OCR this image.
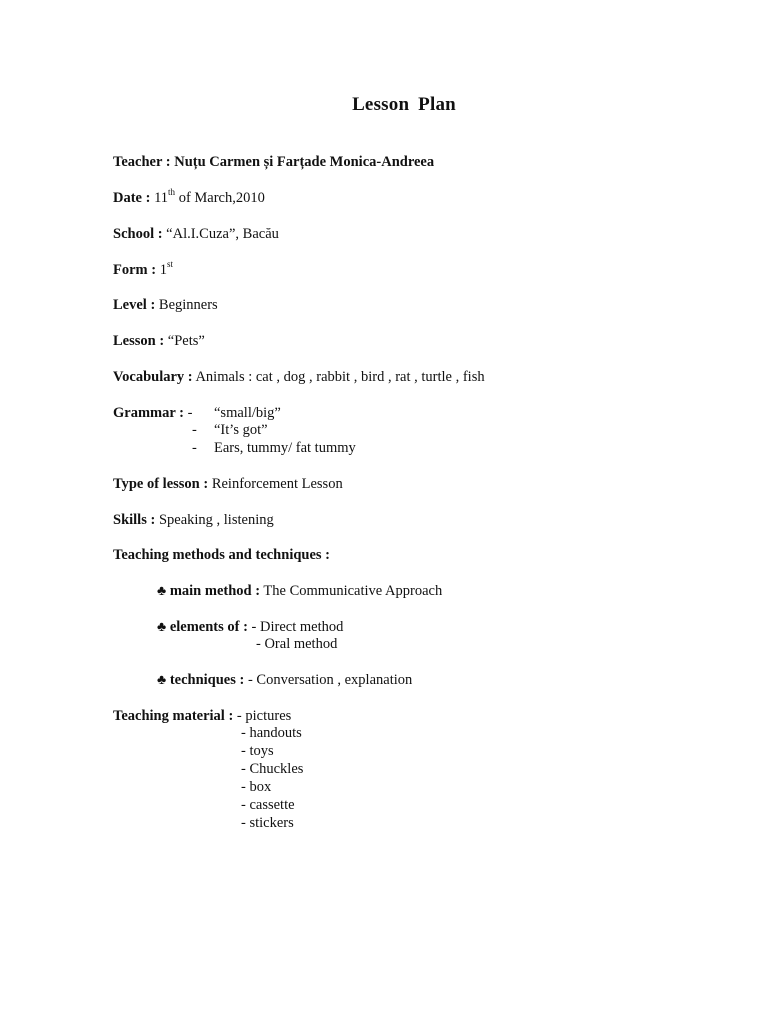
Lesson Plan
Teacher : Nuțu Carmen și Farțade Monica-Andreea
Date : 11th of March,2010
School : “Al.I.Cuza”, Bacău
Form : 1st
Level : Beginners
Lesson : “Pets”
Vocabulary : Animals : cat , dog , rabbit , bird , rat , turtle , fish
Grammar : - “small/big”
- “It’s got”
- Ears, tummy/ fat tummy
Type of lesson : Reinforcement Lesson
Skills : Speaking , listening
Teaching methods and techniques :
♣ main method : The Communicative Approach
♣ elements of : - Direct method
- Oral method
♣ techniques : - Conversation , explanation
Teaching material : - pictures
- handouts
- toys
- Chuckles
- box
- cassette
- stickers
